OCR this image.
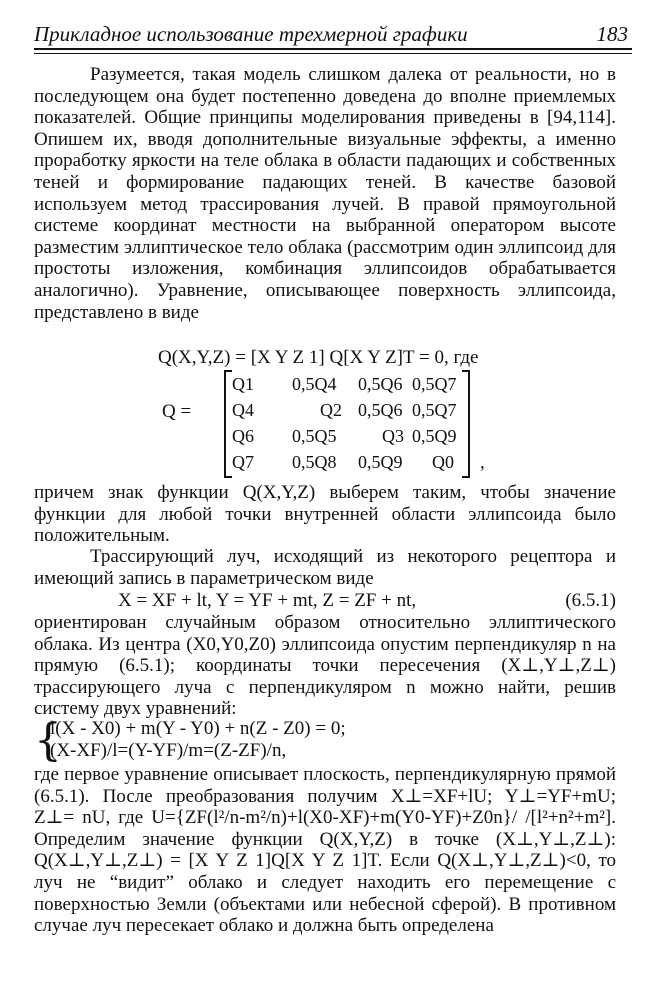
Прикладное использование трехмерной графики	183

Разумеется, такая модель слишком далека от реальности, но в последующем она будет постепенно доведена до вполне приемлемых показателей. Общие принципы моделирования приведены в [94,114]. Опишем их, вводя дополнительные визуальные эффекты, а именно проработку яркости на теле облака в области падающих и собственных теней и формирование падающих теней. В качестве базовой используем метод трассирования лучей. В правой прямоугольной системе координат местности на выбранной оператором высоте разместим эллиптическое тело облака (рассмотрим один эллипсоид для простоты изложения, комбинация эллипсоидов обрабатывается аналогично). Уравнение, описывающее поверхность эллипсоида, представлено в виде

Q(X,Y,Z) = [X Y Z 1] Q[X Y Z]T = 0, где
Q =
Q1 0,5Q4 0,5Q6 0,5Q7
Q4	Q2 0,5Q6 0,5Q7
Q6 0,5Q5	Q3 0,5Q9
Q7 0,5Q8 0,5Q9 Q0 ,

причем знак функции Q(X,Y,Z) выберем таким, чтобы значение функции для любой точки внутренней области эллипсоида было положительным.

Трассирующий луч, исходящий из некоторого рецептора и имеющий запись в параметрическом виде

X = XF + lt, Y = YF + mt, Z = ZF + nt,	(6.5.1)

ориентирован случайным образом относительно эллиптического облака. Из центра (X0,Y0,Z0) эллипсоида опустим перпендикуляр n на прямую (6.5.1); координаты точки пересечения (X⊥,Y⊥,Z⊥) трассирующего луча с перпендикуляром n можно найти, решив систему двух уравнений:

{
l(X - X0) + m(Y - Y0) + n(Z - Z0) = 0;
(X-XF)/l=(Y-YF)/m=(Z-ZF)/n,

где первое уравнение описывает плоскость, перпендикулярную прямой (6.5.1). После преобразования получим X⊥=XF+lU; Y⊥=YF+mU; Z⊥= nU, где U={ZF(l²/n-m²/n)+l(X0-XF)+m(Y0-YF)+Z0n}/ /[l²+n²+m²]. Определим значение функции Q(X,Y,Z) в точке (X⊥,Y⊥,Z⊥): Q(X⊥,Y⊥,Z⊥) = [X Y Z 1]Q[X Y Z 1]T. Если Q(X⊥,Y⊥,Z⊥)<0, то луч не “видит” облако и следует находить его перемещение с поверхностью Земли (объектами или небесной сферой). В противном случае луч пересекает облако и должна быть определена
